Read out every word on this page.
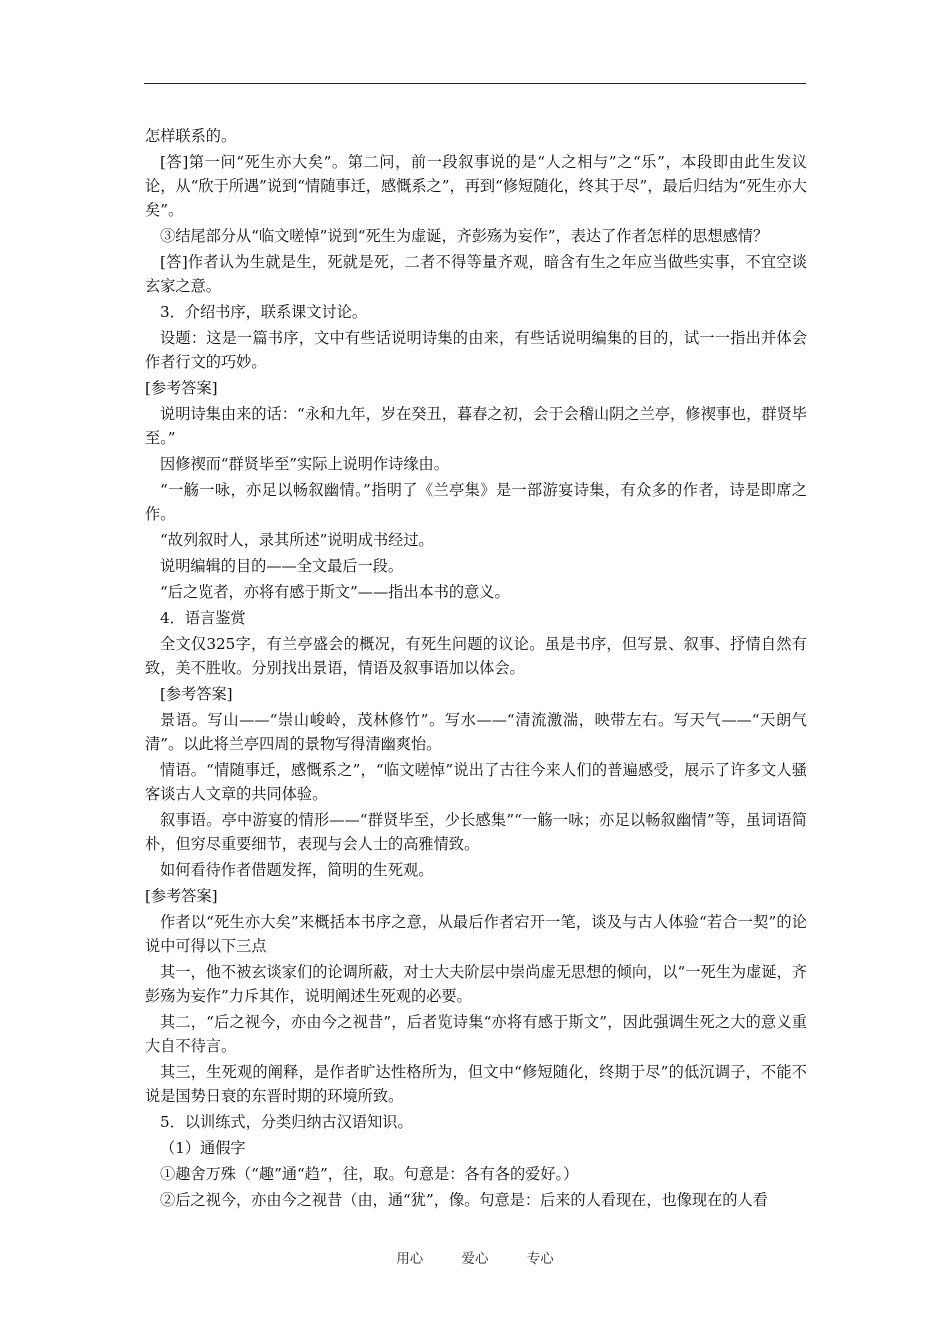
怎样联系的。

[答]第一问“死生亦大矣”。第二问，前一段叙事说的是“人之相与”之“乐”，本段即由此生发议论，从“欣于所遇”说到“情随事迁，感慨系之”，再到“修短随化，终其于尽”，最后归结为“死生亦大矣”。

③结尾部分从“临文嗟悼”说到“死生为虚诞，齐彭殇为妄作”，表达了作者怎样的思想感情？

[答]作者认为生就是生，死就是死，二者不得等量齐观，暗含有生之年应当做些实事，不宜空谈玄家之意。

3．介绍书序，联系课文讨论。

设题：这是一篇书序，文中有些话说明诗集的由来，有些话说明编集的目的，试一一指出并体会作者行文的巧妙。

[参考答案]

说明诗集由来的话：“永和九年，岁在癸丑，暮春之初，会于会稽山阴之兰亭，修禊事也，群贤毕至。”

因修禊而“群贤毕至”实际上说明作诗缘由。

“一觞一咏，亦足以畅叙幽情。”指明了《兰亭集》是一部游宴诗集，有众多的作者，诗是即席之作。

“故列叙时人，录其所述”说明成书经过。

说明编辑的目的——全文最后一段。

“后之览者，亦将有感于斯文”——指出本书的意义。

4．语言鉴赏

全文仅325字，有兰亭盛会的概况，有死生问题的议论。虽是书序，但写景、叙事、抒情自然有致，美不胜收。分别找出景语，情语及叙事语加以体会。

[参考答案]

景语。写山——“崇山峻岭，茂林修竹”。写水——“清流激湍，映带左右。写天气——“天朗气清”。以此将兰亭四周的景物写得清幽爽怡。

情语。“情随事迁，感慨系之”，“临文嗟悼”说出了古往今来人们的普遍感受，展示了许多文人骚客谈古人文章的共同体验。

叙事语。亭中游宴的情形——“群贤毕至，少长感集”“一觞一咏；亦足以畅叙幽情”等，虽词语简朴，但穷尽重要细节，表现与会人士的高雅情致。

如何看待作者借题发挥，简明的生死观。

[参考答案]

作者以“死生亦大矣”来概括本书序之意，从最后作者宕开一笔，谈及与古人体验“若合一契”的论说中可得以下三点

其一，他不被玄谈家们的论调所蔽，对士大夫阶层中崇尚虚无思想的倾向，以“一死生为虚诞，齐彭殇为妄作”力斥其作，说明阐述生死观的必要。

其二，“后之视今，亦由今之视昔”，后者览诗集“亦将有感于斯文”，因此强调生死之大的意义重大自不待言。

其三，生死观的阐释，是作者旷达性格所为，但文中“修短随化，终期于尽”的低沉调子，不能不说是国势日衰的东晋时期的环境所致。

5．以训练式，分类归纳古汉语知识。

（1）通假字

①趣舍万殊（“趣”通“趋”，往，取。句意是：各有各的爱好。）

②后之视今，亦由今之视昔（由，通“犹”，像。句意是：后来的人看现在，也像现在的人看

用心	爱心	专心
